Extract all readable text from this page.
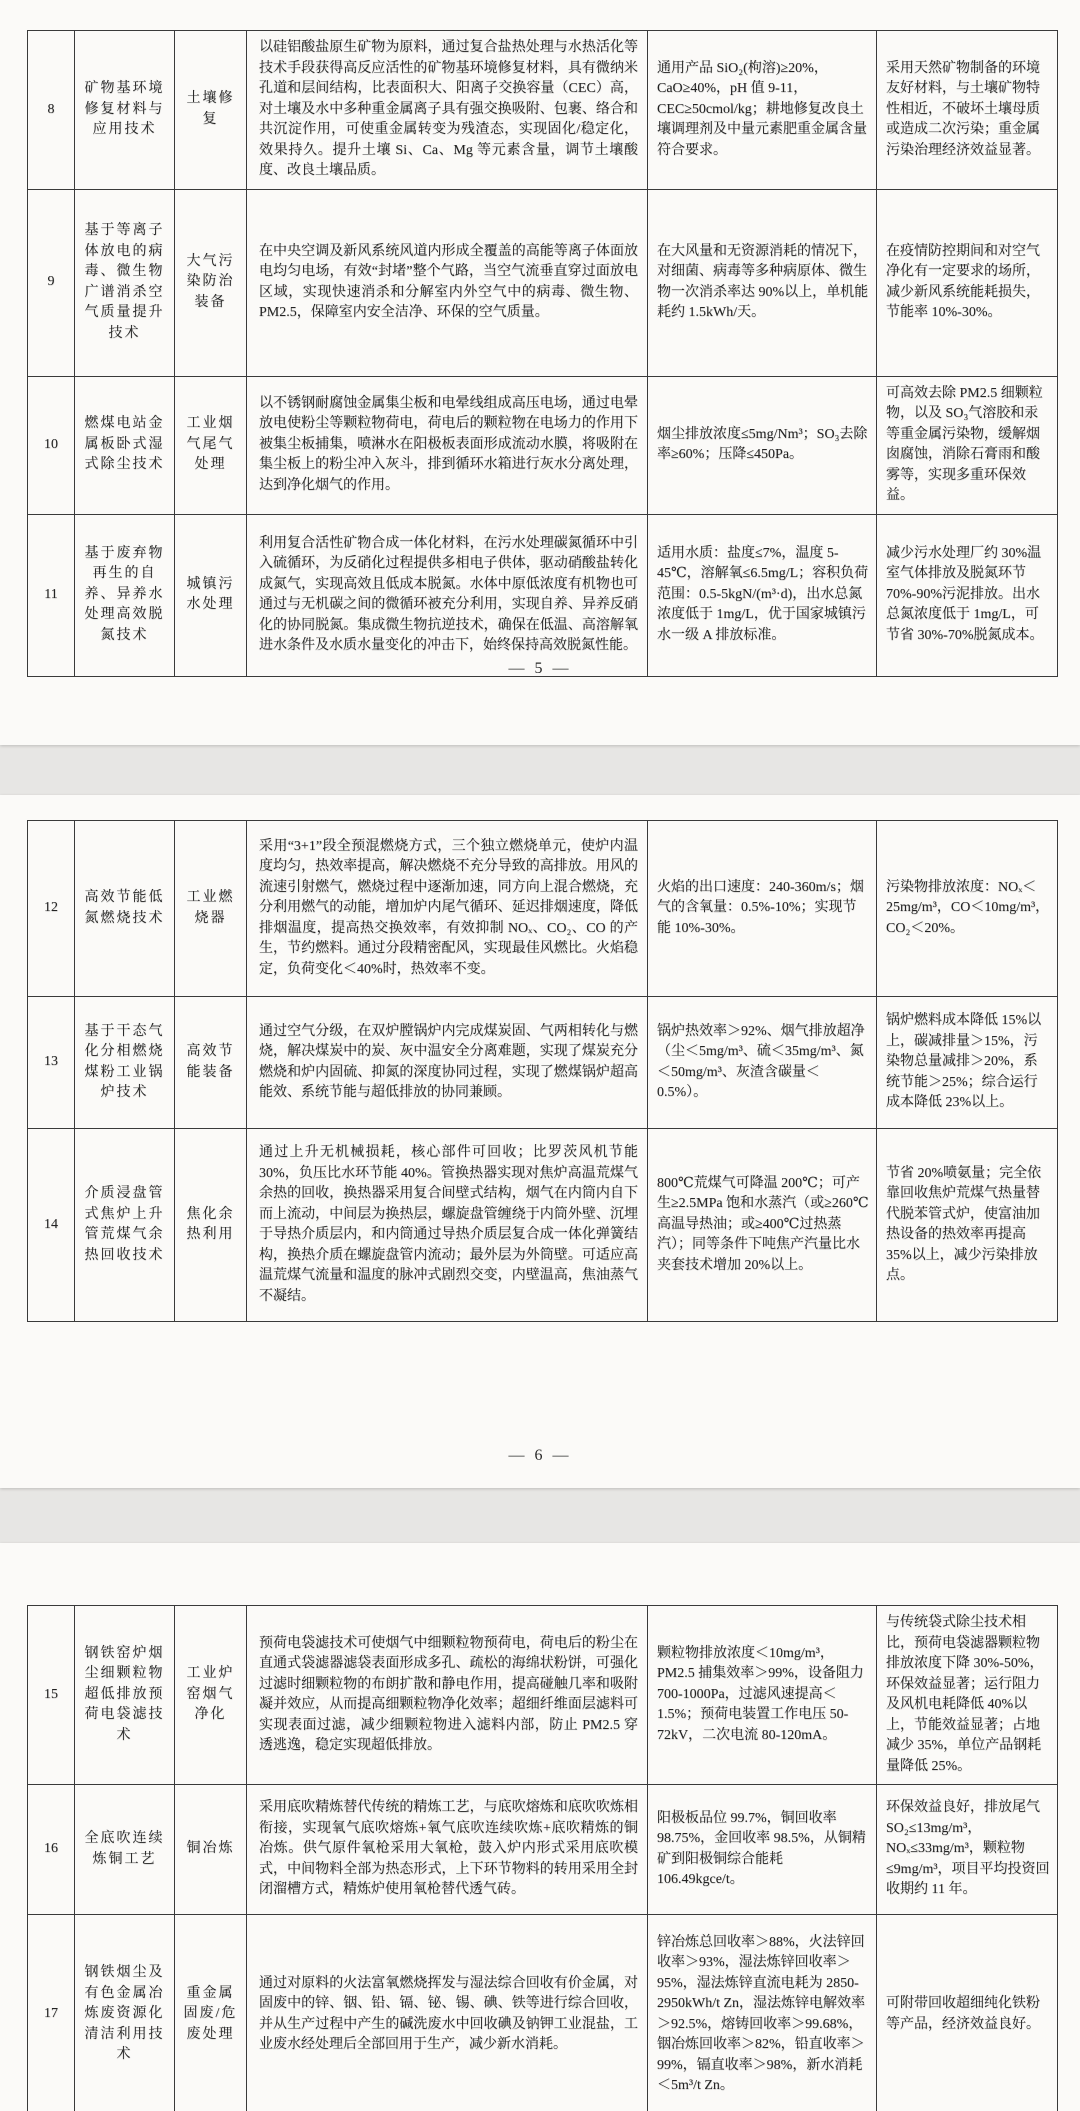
8	矿物基环境修复材料与应用技术	土壤修复	以硅铝酸盐原生矿物为原料，通过复合盐热处理与水热活化等技术手段获得高反应活性的矿物基环境修复材料，具有微纳米孔道和层间结构，比表面积大、阳离子交换容量（CEC）高，对土壤及水中多种重金属离子具有强交换吸附、包裹、络合和共沉淀作用，可使重金属转变为残渣态，实现固化/稳定化，效果持久。提升土壤 Si、Ca、Mg 等元素含量，调节土壤酸度、改良土壤品质。	通用产品 SiO₂(枸溶)≥20%，CaO≥40%，pH 值 9-11，CEC≥50cmol/kg；耕地修复改良土壤调理剂及中量元素肥重金属含量符合要求。	采用天然矿物制备的环境友好材料，与土壤矿物特性相近，不破坏土壤母质或造成二次污染；重金属污染治理经济效益显著。
9	基于等离子体放电的病毒、微生物广谱消杀空气质量提升技术	大气污染防治装备	在中央空调及新风系统风道内形成全覆盖的高能等离子体面放电均匀电场，有效“封堵”整个气路，当空气流垂直穿过面放电区域，实现快速消杀和分解室内外空气中的病毒、微生物、PM2.5，保障室内安全洁净、环保的空气质量。	在大风量和无资源消耗的情况下，对细菌、病毒等多种病原体、微生物一次消杀率达 90%以上，单机能耗约 1.5kWh/天。	在疫情防控期间和对空气净化有一定要求的场所，减少新风系统能耗损失，节能率 10%-30%。
10	燃煤电站金属板卧式湿式除尘技术	工业烟气尾气处理	以不锈钢耐腐蚀金属集尘板和电晕线组成高压电场，通过电晕放电使粉尘等颗粒物荷电，荷电后的颗粒物在电场力的作用下被集尘板捕集，喷淋水在阳极板表面形成流动水膜，将吸附在集尘板上的粉尘冲入灰斗，排到循环水箱进行灰水分离处理，达到净化烟气的作用。	烟尘排放浓度≤5mg/Nm³；SO₃去除率≥60%；压降≤450Pa。	可高效去除 PM2.5 细颗粒物，以及 SO₃气溶胶和汞等重金属污染物，缓解烟囱腐蚀，消除石膏雨和酸雾等，实现多重环保效益。
11	基于废弃物再生的自养、异养水处理高效脱氮技术	城镇污水处理	利用复合活性矿物合成一体化材料，在污水处理碳氮循环中引入硫循环，为反硝化过程提供多相电子供体，驱动硝酸盐转化成氮气，实现高效且低成本脱氮。水体中原低浓度有机物也可通过与无机碳之间的微循环被充分利用，实现自养、异养反硝化的协同脱氮。集成微生物抗逆技术，确保在低温、高溶解氧进水条件及水质水量变化的冲击下，始终保持高效脱氮性能。	适用水质：盐度≤7%，温度 5-45℃，溶解氧≤6.5mg/L；容积负荷范围：0.5-5kgN/(m³·d)，出水总氮浓度低于 1mg/L，优于国家城镇污水一级 A 排放标准。	减少污水处理厂约 30%温室气体排放及脱氮环节 70%-90%污泥排放。出水总氮浓度低于 1mg/L，可节省 30%-70%脱氮成本。
— 5 —
12	高效节能低氮燃烧技术	工业燃烧器	采用“3+1”段全预混燃烧方式，三个独立燃烧单元，使炉内温度均匀，热效率提高，解决燃烧不充分导致的高排放。用风的流速引射燃气，燃烧过程中逐渐加速，同方向上混合燃烧，充分利用燃气的动能，增加炉内尾气循环、延迟排烟速度，降低排烟温度，提高热交换效率，有效抑制 NOₓ、CO₂、CO 的产生，节约燃料。通过分段精密配风，实现最佳风燃比。火焰稳定，负荷变化＜40%时，热效率不变。	火焰的出口速度：240-360m/s；烟气的含氧量：0.5%-10%；实现节能 10%-30%。	污染物排放浓度：NOₓ＜25mg/m³，CO＜10mg/m³，CO₂＜20%。
13	基于干态气化分相燃烧煤粉工业锅炉技术	高效节能装备	通过空气分级，在双炉膛锅炉内完成煤炭固、气两相转化与燃烧，解决煤炭中的炭、灰中温安全分离难题，实现了煤炭充分燃烧和炉内固硫、抑氮的深度协同过程，实现了燃煤锅炉超高能效、系统节能与超低排放的协同兼顾。	锅炉热效率＞92%、烟气排放超净（尘＜5mg/m³、硫＜35mg/m³、氮＜50mg/m³、灰渣含碳量＜0.5%）。	锅炉燃料成本降低 15%以上，碳减排量＞15%，污染物总量减排＞20%，系统节能＞25%；综合运行成本降低 23%以上。
14	介质浸盘管式焦炉上升管荒煤气余热回收技术	焦化余热利用	通过上升无机械损耗，核心部件可回收；比罗茨风机节能 30%，负压比水环节能 40%。管换热器实现对焦炉高温荒煤气余热的回收，换热器采用复合间壁式结构，烟气在内筒内自下而上流动，中间层为换热层，螺旋盘管缠绕于内筒外壁、沉埋于导热介质层内，和内筒通过导热介质层复合成一体化弹簧结构，换热介质在螺旋盘管内流动；最外层为外筒壁。可适应高温荒煤气流量和温度的脉冲式剧烈交变，内壁温高，焦油蒸气不凝结。	800℃荒煤气可降温 200℃；可产生≥2.5MPa 饱和水蒸汽（或≥260℃高温导热油；或≥400℃过热蒸汽）；同等条件下吨焦产汽量比水夹套技术增加 20%以上。	节省 20%喷氨量；完全依靠回收焦炉荒煤气热量替代脱苯管式炉，使富油加热设备的热效率再提高 35%以上，减少污染排放点。
— 6 —
15	钢铁窑炉烟尘细颗粒物超低排放预荷电袋滤技术	工业炉窑烟气净化	预荷电袋滤技术可使烟气中细颗粒物预荷电，荷电后的粉尘在直通式袋滤器滤袋表面形成多孔、疏松的海绵状粉饼，可强化过滤时细颗粒物的布朗扩散和静电作用，提高碰触几率和吸附凝并效应，从而提高细颗粒物净化效率；超细纤维面层滤料可实现表面过滤，减少细颗粒物进入滤料内部，防止 PM2.5 穿透逃逸，稳定实现超低排放。	颗粒物排放浓度＜10mg/m³，PM2.5 捕集效率＞99%，设备阻力 700-1000Pa，过滤风速提高＜1.5%；预荷电装置工作电压 50-72kV，二次电流 80-120mA。	与传统袋式除尘技术相比，预荷电袋滤器颗粒物排放浓度下降 30%-50%，环保效益显著；运行阻力及风机电耗降低 40%以上，节能效益显著；占地减少 35%，单位产品钢耗量降低 25%。
16	全底吹连续炼铜工艺	铜冶炼	采用底吹精炼替代传统的精炼工艺，与底吹熔炼和底吹吹炼相衔接，实现氧气底吹熔炼+氧气底吹连续吹炼+底吹精炼的铜冶炼。供气原件氧枪采用大氧枪，鼓入炉内形式采用底吹模式，中间物料全部为热态形式，上下环节物料的转用采用全封闭溜槽方式，精炼炉使用氧枪替代透气砖。	阳极板品位 99.7%，铜回收率 98.75%，金回收率 98.5%，从铜精矿到阳极铜综合能耗 106.49kgce/t。	环保效益良好，排放尾气 SO₂≤13mg/m³，NOₓ≤33mg/m³，颗粒物≤9mg/m³，项目平均投资回收期约 11 年。
17	钢铁烟尘及有色金属冶炼废资源化清洁利用技术	重金属固废/危废处理	通过对原料的火法富氧燃烧挥发与湿法综合回收有价金属，对固废中的锌、铟、铅、镉、铋、锡、碘、铁等进行综合回收，并从生产过程中产生的碱洗废水中回收碘及钠钾工业混盐，工业废水经处理后全部回用于生产，减少新水消耗。	锌冶炼总回收率＞88%，火法锌回收率＞93%，湿法炼锌回收率＞95%，湿法炼锌直流电耗为 2850-2950kWh/t Zn，湿法炼锌电解效率＞92.5%，熔铸回收率＞99.68%，铟冶炼回收率＞82%，铅直收率＞99%，镉直收率＞98%，新水消耗＜5m³/t Zn。	可附带回收超细纯化铁粉等产品，经济效益良好。
